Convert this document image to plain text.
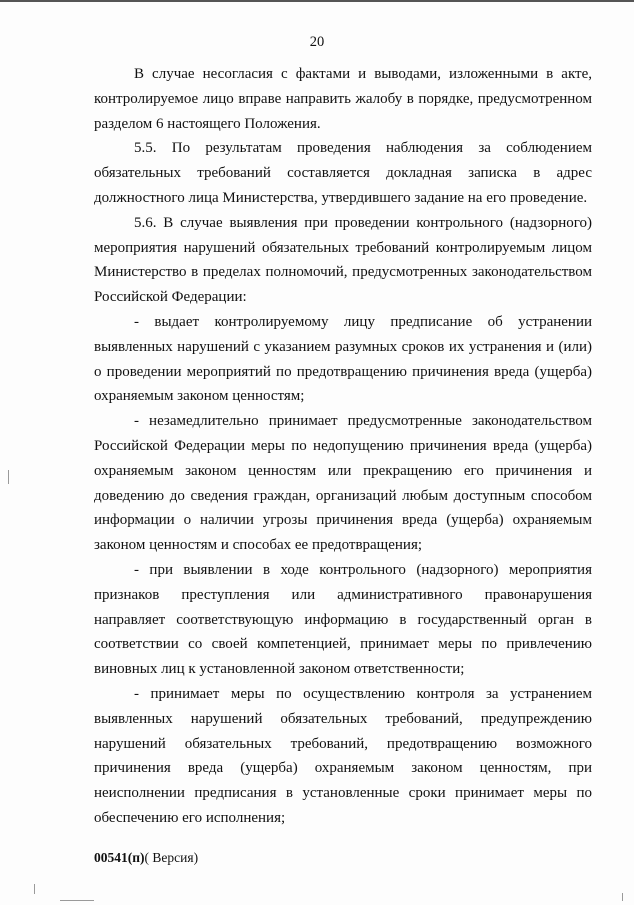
20

В случае несогласия с фактами и выводами, изложенными в акте, контролируемое лицо вправе направить жалобу в порядке, предусмотренном разделом 6 настоящего Положения.

5.5. По результатам проведения наблюдения за соблюдением обязательных требований составляется докладная записка в адрес должностного лица Министерства, утвердившего задание на его проведение.

5.6. В случае выявления при проведении контрольного (надзорного) мероприятия нарушений обязательных требований контролируемым лицом Министерство в пределах полномочий, предусмотренных законодательством Российской Федерации:

- выдает контролируемому лицу предписание об устранении выявленных нарушений с указанием разумных сроков их устранения и (или) о проведении мероприятий по предотвращению причинения вреда (ущерба) охраняемым законом ценностям;

- незамедлительно принимает предусмотренные законодательством Российской Федерации меры по недопущению причинения вреда (ущерба) охраняемым законом ценностям или прекращению его причинения и доведению до сведения граждан, организаций любым доступным способом информации о наличии угрозы причинения вреда (ущерба) охраняемым законом ценностям и способах ее предотвращения;

- при выявлении в ходе контрольного (надзорного) мероприятия признаков преступления или административного правонарушения направляет соответствующую информацию в государственный орган в соответствии со своей компетенцией, принимает меры по привлечению виновных лиц к установленной законом ответственности;

- принимает меры по осуществлению контроля за устранением выявленных нарушений обязательных требований, предупреждению нарушений обязательных требований, предотвращению возможного причинения вреда (ущерба) охраняемым законом ценностям, при неисполнении предписания в установленные сроки принимает меры по обеспечению его исполнения;

00541(п)( Версия)
